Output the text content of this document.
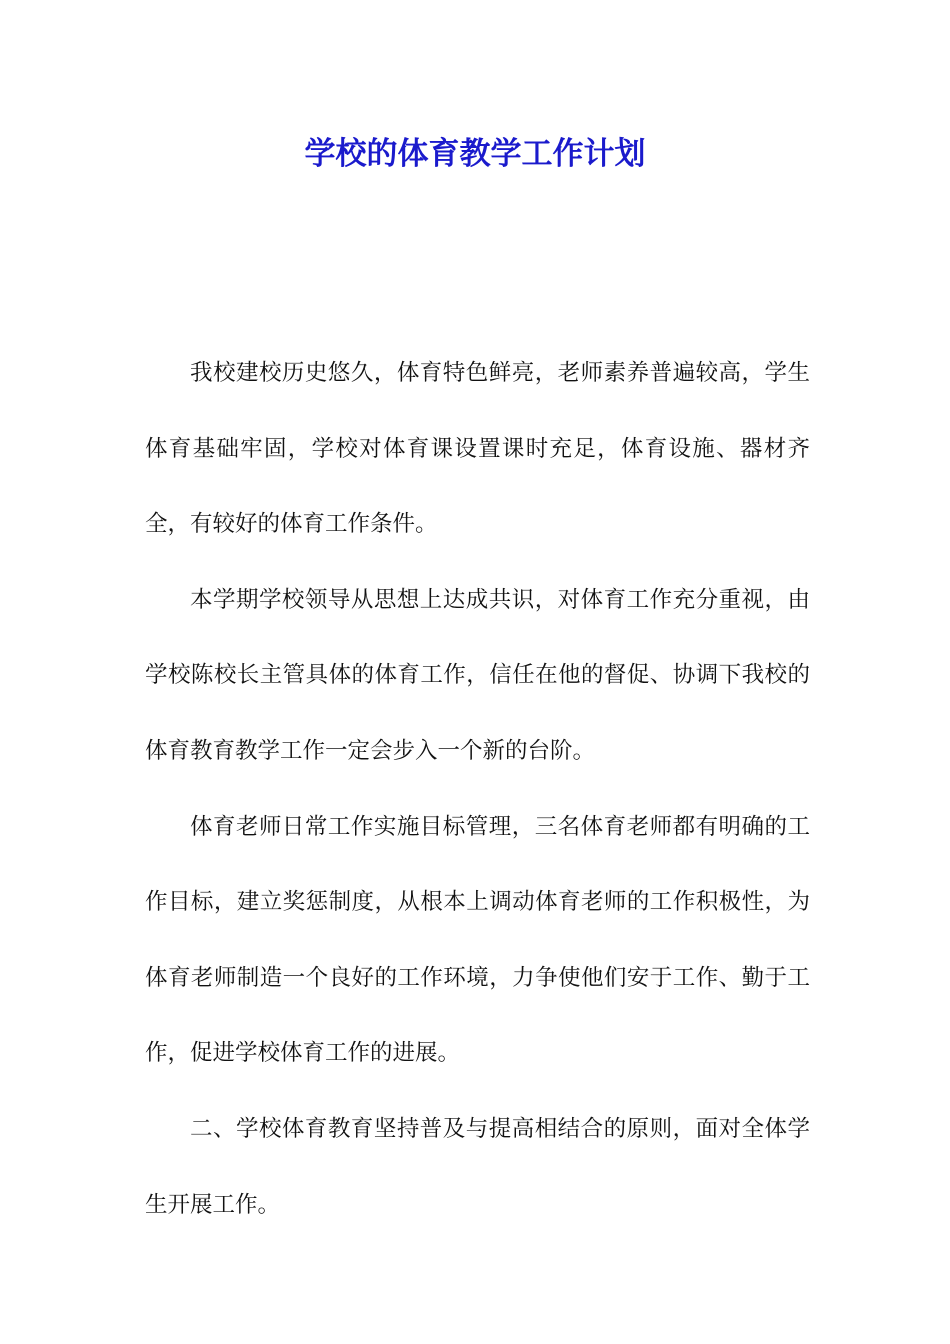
学校的体育教学工作计划

我校建校历史悠久，体育特色鲜亮，老师素养普遍较高，学生体育基础牢固，学校对体育课设置课时充足，体育设施、器材齐全，有较好的体育工作条件。

本学期学校领导从思想上达成共识，对体育工作充分重视，由学校陈校长主管具体的体育工作，信任在他的督促、协调下我校的体育教育教学工作一定会步入一个新的台阶。

体育老师日常工作实施目标管理，三名体育老师都有明确的工作目标，建立奖惩制度，从根本上调动体育老师的工作积极性，为体育老师制造一个良好的工作环境，力争使他们安于工作、勤于工作，促进学校体育工作的进展。

二、学校体育教育坚持普及与提高相结合的原则，面对全体学生开展工作。
